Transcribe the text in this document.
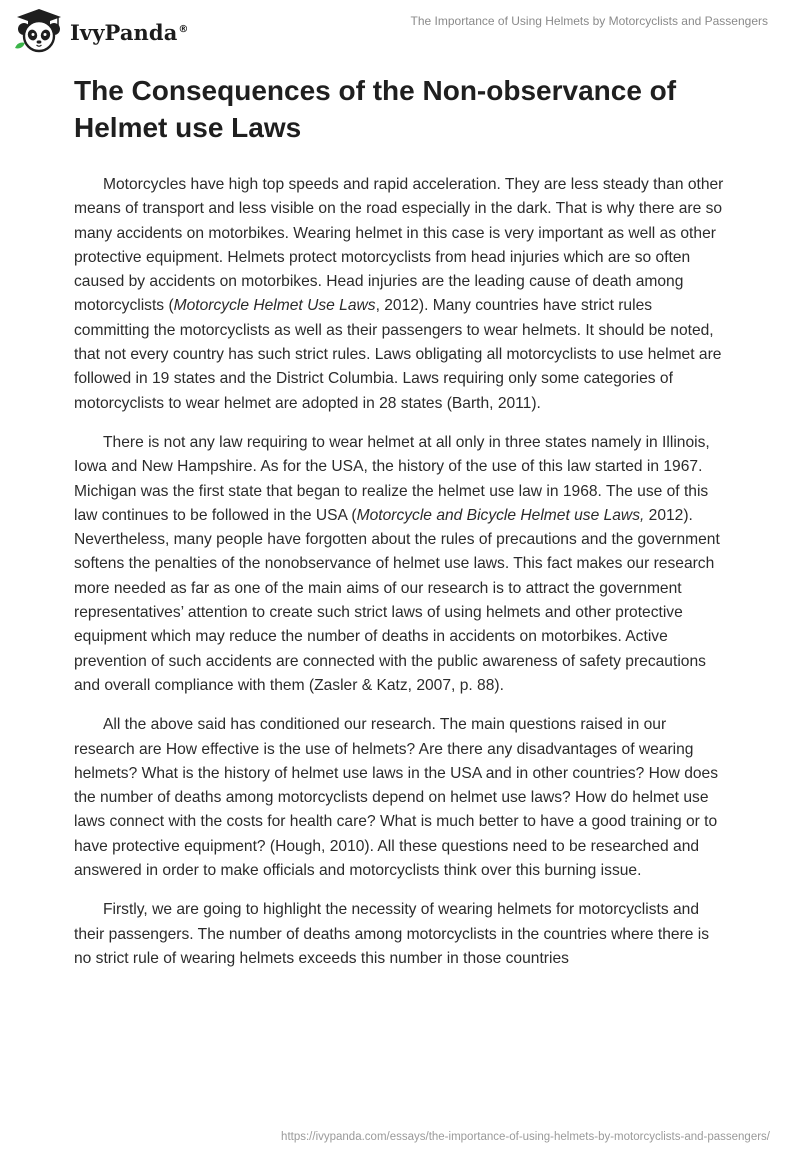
IvyPanda®
The Importance of Using Helmets by Motorcyclists and Passengers
The Consequences of the Non-observance of Helmet use Laws

Motorcycles have high top speeds and rapid acceleration. They are less steady than other means of transport and less visible on the road especially in the dark. That is why there are so many accidents on motorbikes. Wearing helmet in this case is very important as well as other protective equipment. Helmets protect motorcyclists from head injuries which are so often caused by accidents on motorbikes. Head injuries are the leading cause of death among motorcyclists (Motorcycle Helmet Use Laws, 2012). Many countries have strict rules committing the motorcyclists as well as their passengers to wear helmets. It should be noted, that not every country has such strict rules. Laws obligating all motorcyclists to use helmet are followed in 19 states and the District Columbia. Laws requiring only some categories of motorcyclists to wear helmet are adopted in 28 states (Barth, 2011).

There is not any law requiring to wear helmet at all only in three states namely in Illinois, Iowa and New Hampshire. As for the USA, the history of the use of this law started in 1967. Michigan was the first state that began to realize the helmet use law in 1968. The use of this law continues to be followed in the USA (Motorcycle and Bicycle Helmet use Laws, 2012). Nevertheless, many people have forgotten about the rules of precautions and the government softens the penalties of the nonobservance of helmet use laws. This fact makes our research more needed as far as one of the main aims of our research is to attract the government representatives’ attention to create such strict laws of using helmets and other protective equipment which may reduce the number of deaths in accidents on motorbikes. Active prevention of such accidents are connected with the public awareness of safety precautions and overall compliance with them (Zasler & Katz, 2007, p. 88).

All the above said has conditioned our research. The main questions raised in our research are How effective is the use of helmets? Are there any disadvantages of wearing helmets? What is the history of helmet use laws in the USA and in other countries? How does the number of deaths among motorcyclists depend on helmet use laws? How do helmet use laws connect with the costs for health care? What is much better to have a good training or to have protective equipment? (Hough, 2010). All these questions need to be researched and answered in order to make officials and motorcyclists think over this burning issue.

Firstly, we are going to highlight the necessity of wearing helmets for motorcyclists and their passengers. The number of deaths among motorcyclists in the countries where there is no strict rule of wearing helmets exceeds this number in those countries

https://ivypanda.com/essays/the-importance-of-using-helmets-by-motorcyclists-and-passengers/
